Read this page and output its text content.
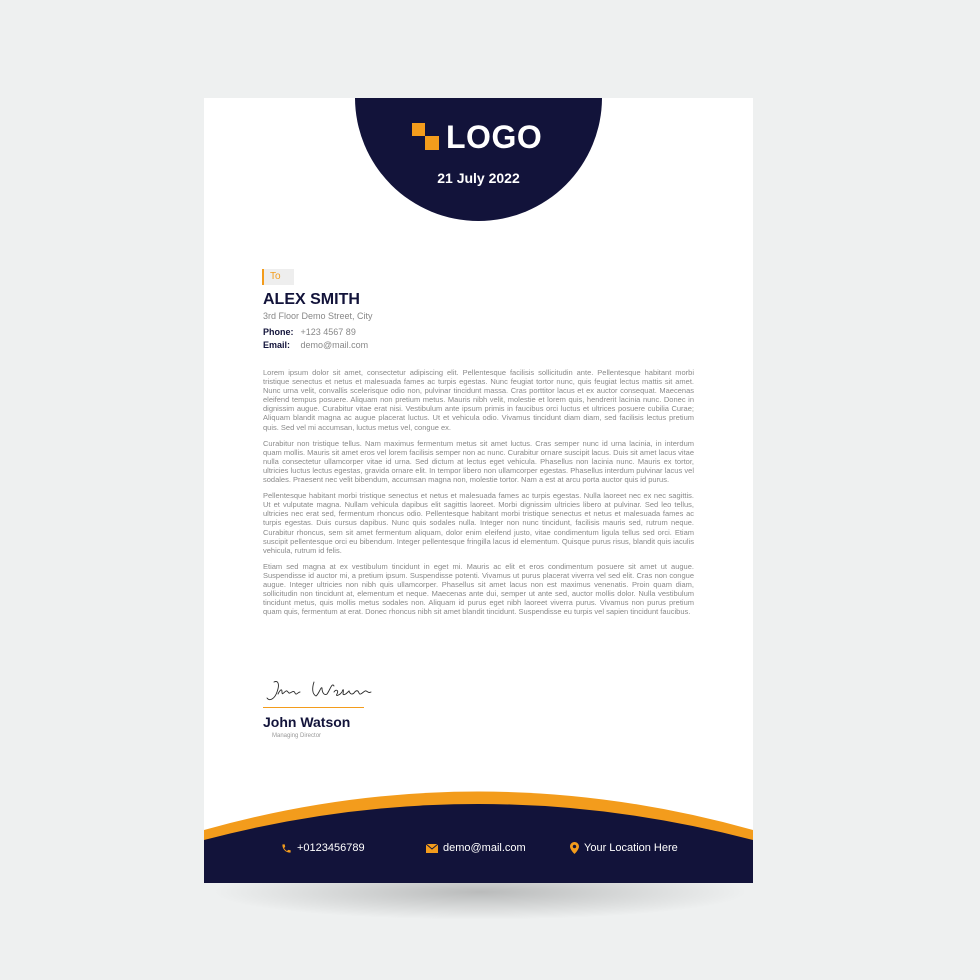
LOGO
21 July 2022
To
ALEX SMITH
3rd Floor Demo Street, City
Phone: +123 4567 89
Email: demo@mail.com

Lorem ipsum dolor sit amet, consectetur adipiscing elit. Pellentesque facilisis sollicitudin ante. Pellentesque habitant morbi tristique senectus et netus et malesuada fames ac turpis egestas. Nunc feugiat tortor nunc, quis feugiat lectus mattis sit amet. Nunc urna velit, convallis scelerisque odio non, pulvinar tincidunt massa. Cras porttitor lacus et ex auctor consequat. Maecenas eleifend tempus posuere. Aliquam non pretium metus. Mauris nibh velit, molestie et lorem quis, hendrerit lacinia nunc. Donec in dignissim augue. Curabitur vitae erat nisi. Vestibulum ante ipsum primis in faucibus orci luctus et ultrices posuere cubilia Curae; Aliquam blandit magna ac augue placerat luctus. Ut et vehicula odio. Vivamus tincidunt diam diam, sed facilisis lectus pretium quis. Sed vel mi accumsan, luctus metus vel, congue ex.

Curabitur non tristique tellus. Nam maximus fermentum metus sit amet luctus. Cras semper nunc id urna lacinia, in interdum quam mollis. Mauris sit amet eros vel lorem facilisis semper non ac nunc. Curabitur ornare suscipit lacus. Duis sit amet lacus vitae nulla consectetur ullamcorper vitae id urna. Sed dictum at lectus eget vehicula. Phasellus non lacinia nunc. Mauris ex tortor, ultricies luctus lectus egestas, gravida ornare elit. In tempor libero non ullamcorper egestas. Phasellus interdum pulvinar lacus vel sodales. Praesent nec velit bibendum, accumsan magna non, molestie tortor. Nam a est at arcu porta auctor quis id purus.

Pellentesque habitant morbi tristique senectus et netus et malesuada fames ac turpis egestas. Nulla laoreet nec ex nec sagittis. Ut et vulputate magna. Nullam vehicula dapibus elit sagittis laoreet. Morbi dignissim ultricies libero at pulvinar. Sed leo tellus, ultricies nec erat sed, fermentum rhoncus odio. Pellentesque habitant morbi tristique senectus et netus et malesuada fames ac turpis egestas. Duis cursus dapibus. Nunc quis sodales nulla. Integer non nunc tincidunt, facilisis mauris sed, rutrum neque. Curabitur rhoncus, sem sit amet fermentum aliquam, dolor enim eleifend justo, vitae condimentum ligula tellus sed orci. Etiam suscipit pellentesque orci eu bibendum. Integer pellentesque fringilla lacus id elementum. Quisque purus risus, blandit quis iaculis vehicula, rutrum id felis.

Etiam sed magna at ex vestibulum tincidunt in eget mi. Mauris ac elit et eros condimentum posuere sit amet ut augue. Suspendisse id auctor mi, a pretium ipsum. Suspendisse potenti. Vivamus ut purus placerat viverra vel sed elit. Cras non congue augue. Integer ultricies non nibh quis ullamcorper. Phasellus sit amet lacus non est maximus venenatis. Proin quam diam, sollicitudin non tincidunt at, elementum et neque. Maecenas ante dui, semper ut ante sed, auctor mollis dolor. Nulla vestibulum tincidunt metus, quis mollis metus sodales non. Aliquam id purus eget nibh laoreet viverra purus. Vivamus non purus pretium quam quis, fermentum at erat. Donec rhoncus nibh sit amet blandit tincidunt. Suspendisse eu turpis vel sapien tincidunt faucibus.

John Watson
Managing Director
+0123456789	demo@mail.com	Your Location Here
